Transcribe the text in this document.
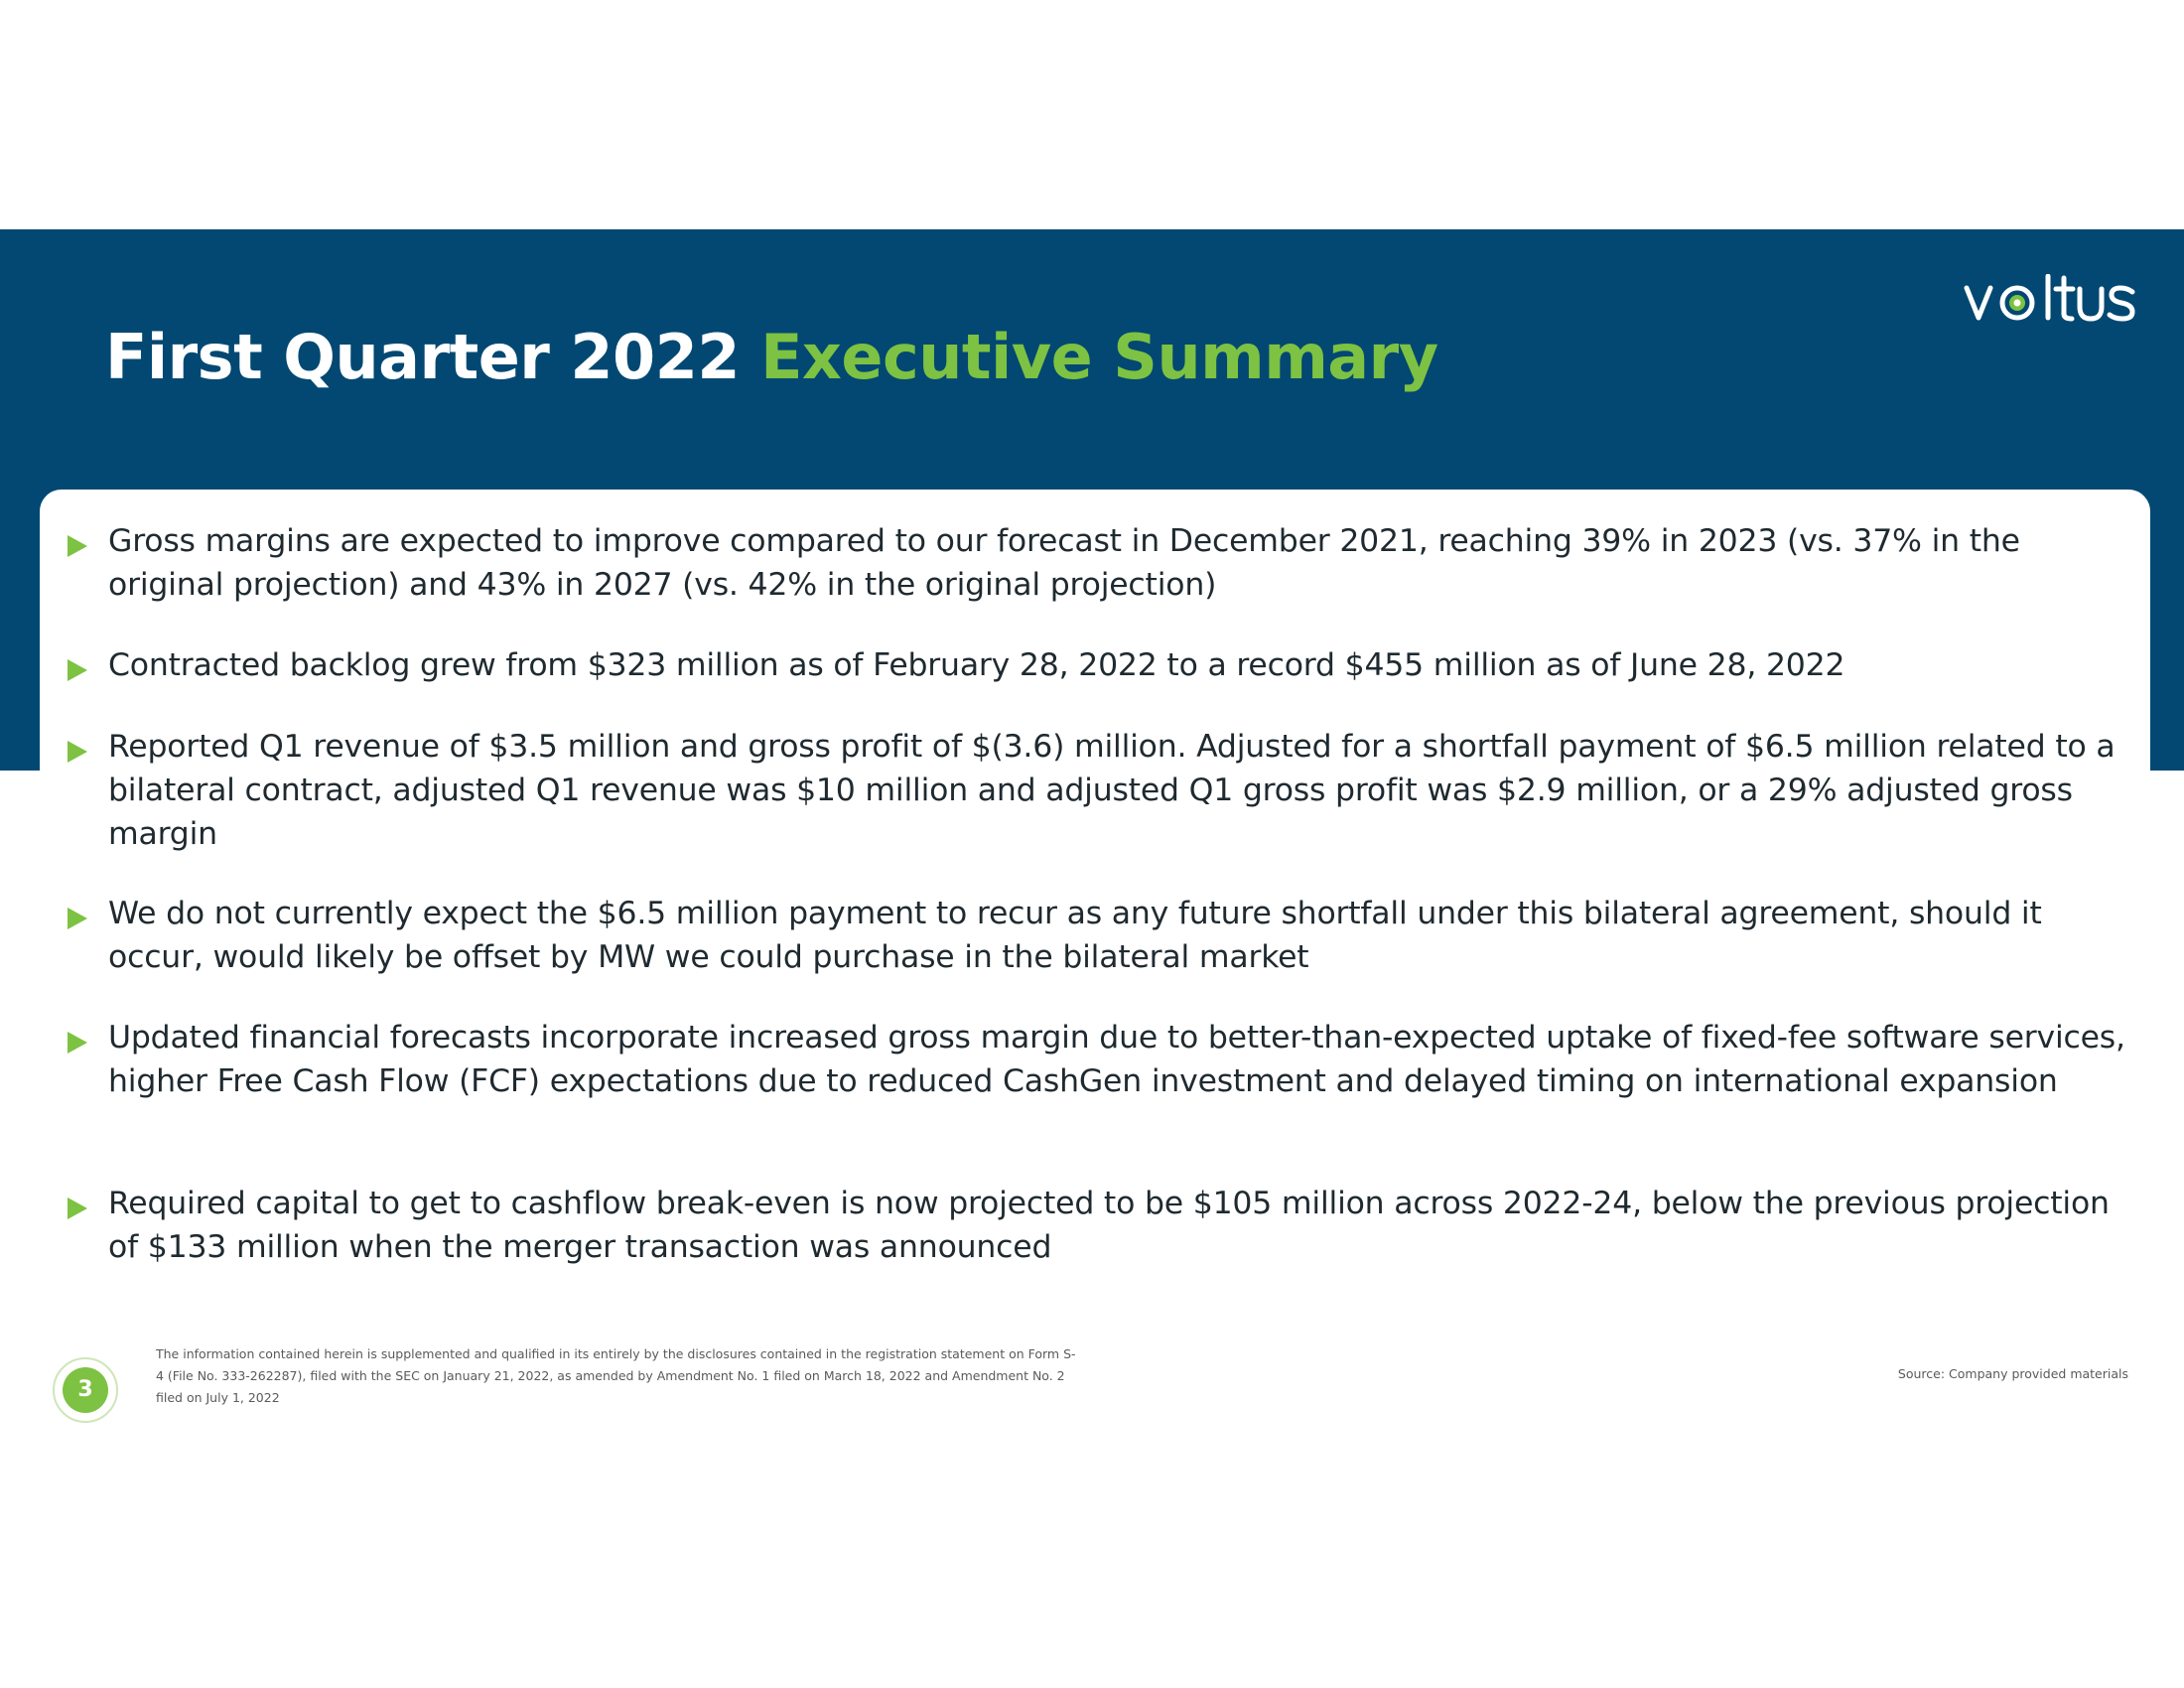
First Quarter 2022 Executive Summary
voltus
Gross margins are expected to improve compared to our forecast in December 2021, reaching 39% in 2023 (vs. 37% in the original projection) and 43% in 2027 (vs. 42% in the original projection)
Contracted backlog grew from $323 million as of February 28, 2022 to a record $455 million as of June 28, 2022
Reported Q1 revenue of $3.5 million and gross profit of $(3.6) million. Adjusted for a shortfall payment of $6.5 million related to a bilateral contract, adjusted Q1 revenue was $10 million and adjusted Q1 gross profit was $2.9 million, or a 29% adjusted gross margin
We do not currently expect the $6.5 million payment to recur as any future shortfall under this bilateral agreement, should it occur, would likely be offset by MW we could purchase in the bilateral market
Updated financial forecasts incorporate increased gross margin due to better-than-expected uptake of fixed-fee software services, higher Free Cash Flow (FCF) expectations due to reduced CashGen investment and delayed timing on international expansion
Required capital to get to cashflow break-even is now projected to be $105 million across 2022-24, below the previous projection of $133 million when the merger transaction was announced
3
The information contained herein is supplemented and qualified in its entirely by the disclosures contained in the registration statement on Form S-4 (File No. 333-262287), filed with the SEC on January 21, 2022, as amended by Amendment No. 1 filed on March 18, 2022 and Amendment No. 2 filed on July 1, 2022
Source: Company provided materials
